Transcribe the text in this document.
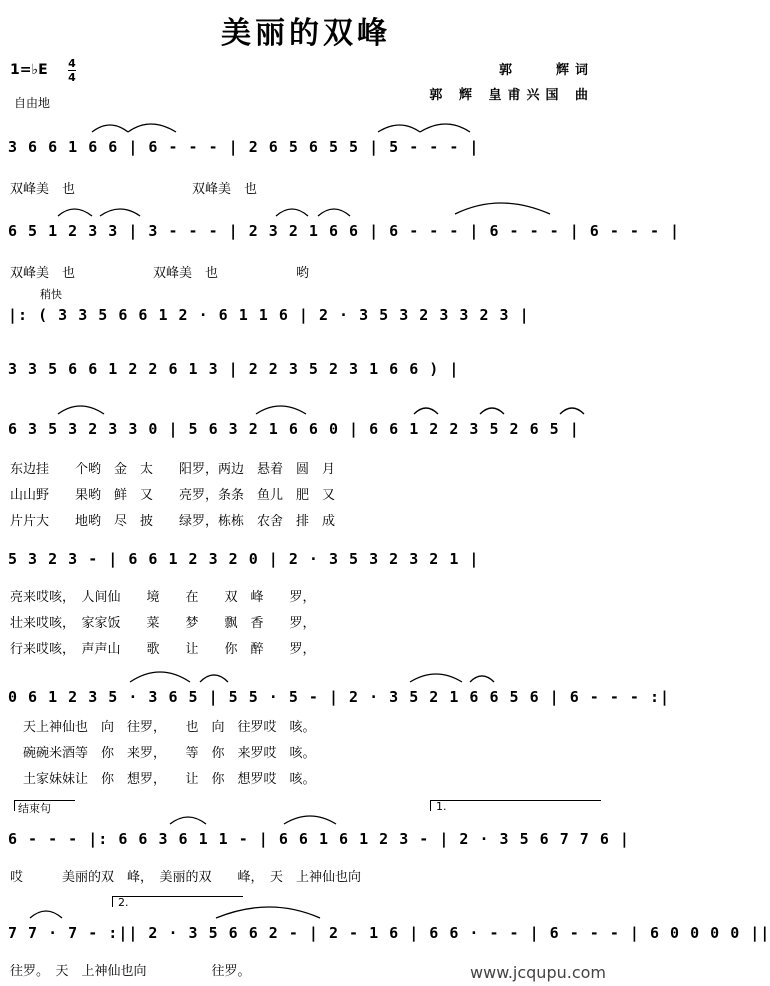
美丽的双峰
1=♭E 4
4
自由地
郭　　辉词
郭 辉 皇甫兴国 曲
3 6 6 1 6 6 | 6 - - - | 2 6 5 6 5 5 | 5 - - - |
双峰美　也　　　　　　　　　双峰美　也
6 5 1 2 3 3 | 3 - - - | 2 3 2 1 6 6 | 6 - - - | 6 - - - | 6 - - - |
双峰美　也　　　　　　双峰美　也　　　　　　哟
稍快
|: ( 3 3 5 6 6 1 2 · 6 1 1 6 | 2 · 3 5 3 2 3 3 2 3 |
3 3 5 6 6 1 2 2 6 1 3 | 2 2 3 5 2 3 1 6 6 ) |
6 3 5 3 2 3 3 0 | 5 6 3 2 1 6 6 0 | 6 6 1 2 2 3 5 2 6 5 |
东边挂　　个哟　金　太　　阳罗，两边　悬着　圆　月
山山野　　果哟　鲜　又　　亮罗，条条　鱼儿　肥　又
片片大　　地哟　尽　披　　绿罗，栋栋　农舍　排　成
5 3 2 3 - | 6 6 1 2 3 2 0 | 2 · 3 5 3 2 3 2 1 |
亮来哎咳，　人间仙　　境　　在　　双　峰　　罗，
壮来哎咳，　家家饭　　菜　　梦　　飘　香　　罗，
行来哎咳，　声声山　　歌　　让　　你　醉　　罗，
0 6 1 2 3 5 · 3 6 5 | 5 5 · 5 - | 2 · 3 5 2 1 6 6 5 6 | 6 - - - :|
　天上神仙也　向　往罗，　　也　向　往罗哎　咳。
　碗碗米酒等　你　来罗，　　等　你　来罗哎　咳。
　土家妹妹让　你　想罗，　　让　你　想罗哎　咳。
结束句	1.
6 - - - |: 6 6 3 6 1 1 - | 6 6 1 6 1 2 3 - | 2 · 3 5 6 7 7 6 |
哎　　　美丽的双　峰，　美丽的双　　峰，　天　上神仙也向
2.
7 7 · 7 - :|| 2 · 3 5 6 6 2 - | 2 - 1 6 | 6 6 · - - | 6 - - - | 6 0 0 0 0 ||
往罗。　天　上神仙也向　　　　　往罗。	www.jcqupu.com
